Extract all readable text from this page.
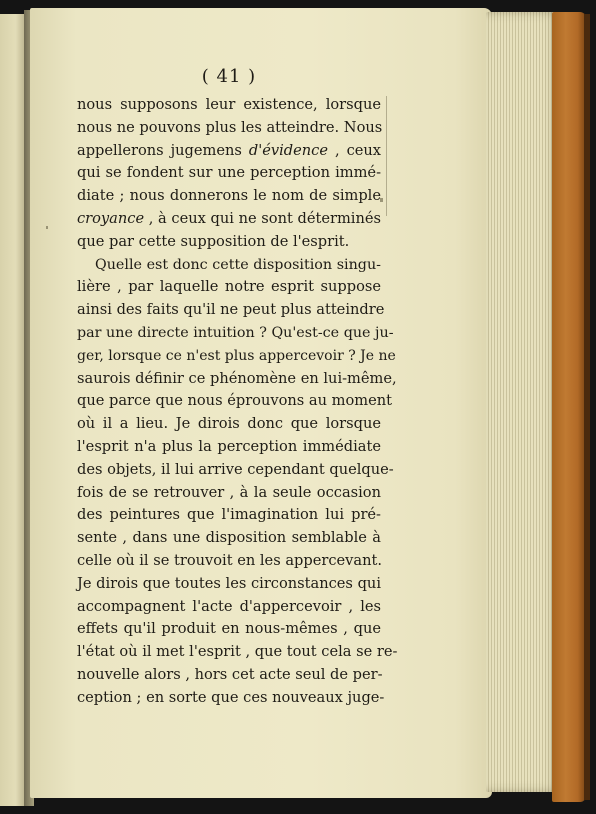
( 41 )
nous supposons leur existence, lorsque
nous ne pouvons plus les atteindre. Nous
appellerons jugemens d'évidence , ceux
qui se fondent sur une perception immé-
diate ; nous donnerons le nom de simple
croyance , à ceux qui ne sont déterminés
que par cette supposition de l'esprit.
Quelle est donc cette disposition singu-
lière , par laquelle notre esprit suppose
ainsi des faits qu'il ne peut plus atteindre
par une directe intuition ? Qu'est-ce que ju-
ger, lorsque ce n'est plus appercevoir ? Je ne
saurois définir ce phénomène en lui-même,
que parce que nous éprouvons au moment
où il a lieu. Je dirois donc que lorsque
l'esprit n'a plus la perception immédiate
des objets, il lui arrive cependant quelque-
fois de se retrouver , à la seule occasion
des peintures que l'imagination lui pré-
sente , dans une disposition semblable à
celle où il se trouvoit en les appercevant.
Je dirois que toutes les circonstances qui
accompagnent l'acte d'appercevoir , les
effets qu'il produit en nous-mêmes , que
l'état où il met l'esprit , que tout cela se re-
nouvelle alors , hors cet acte seul de per-
ception ; en sorte que ces nouveaux juge-
